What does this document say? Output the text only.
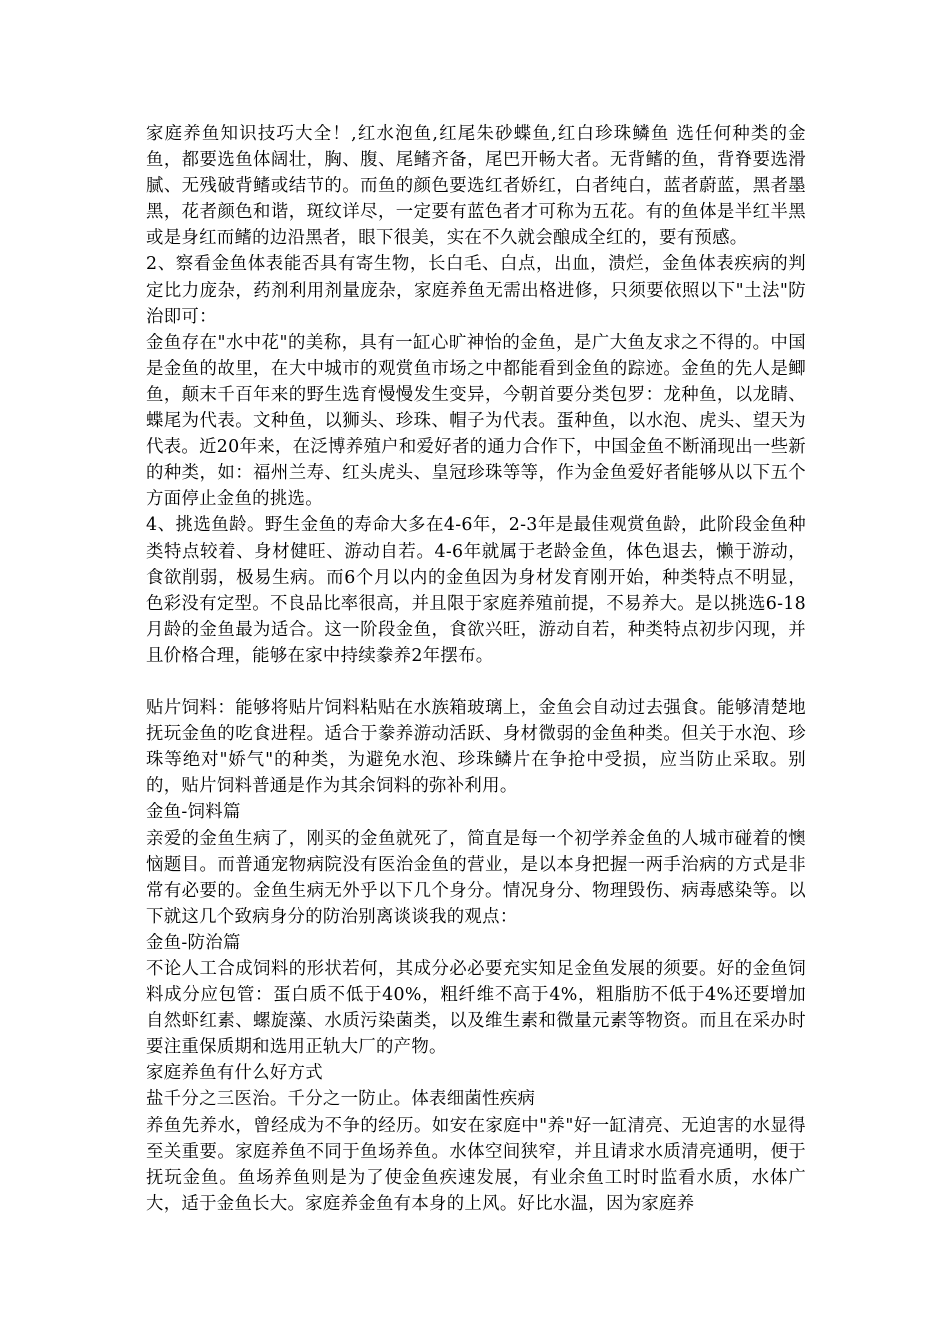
家庭养鱼知识技巧大全！,红水泡鱼,红尾朱砂蝶鱼,红白珍珠鳞鱼 选任何种类的金鱼，都要选鱼体阔壮，胸、腹、尾鳍齐备，尾巴开畅大者。无背鳍的鱼，背脊要选滑腻、无残破背鳍或结节的。而鱼的颜色要选红者娇红，白者纯白，蓝者蔚蓝，黑者墨黑，花者颜色和谐，斑纹详尽，一定要有蓝色者才可称为五花。有的鱼体是半红半黑或是身红而鳍的边沿黑者，眼下很美，实在不久就会酿成全红的，要有预感。

2、察看金鱼体表能否具有寄生物，长白毛、白点，出血，溃烂，金鱼体表疾病的判定比力庞杂，药剂利用剂量庞杂，家庭养鱼无需出格进修，只须要依照以下"土法"防治即可：

金鱼存在"水中花"的美称，具有一缸心旷神怡的金鱼，是广大鱼友求之不得的。中国是金鱼的故里，在大中城市的观赏鱼市场之中都能看到金鱼的踪迹。金鱼的先人是鲫鱼，颠末千百年来的野生选育慢慢发生变异，今朝首要分类包罗：龙种鱼，以龙睛、蝶尾为代表。文种鱼，以狮头、珍珠、帽子为代表。蛋种鱼，以水泡、虎头、望天为代表。近20年来，在泛博养殖户和爱好者的通力合作下，中国金鱼不断涌现出一些新的种类，如：福州兰寿、红头虎头、皇冠珍珠等等，作为金鱼爱好者能够从以下五个方面停止金鱼的挑选。

4、挑选鱼龄。野生金鱼的寿命大多在4-6年，2-3年是最佳观赏鱼龄，此阶段金鱼种类特点较着、身材健旺、游动自若。4-6年就属于老龄金鱼，体色退去，懒于游动，食欲削弱，极易生病。而6个月以内的金鱼因为身材发育刚开始，种类特点不明显，色彩没有定型。不良品比率很高，并且限于家庭养殖前提，不易养大。是以挑选6-18月龄的金鱼最为适合。这一阶段金鱼，食欲兴旺，游动自若，种类特点初步闪现，并且价格合理，能够在家中持续豢养2年摆布。

贴片饲料：能够将贴片饲料粘贴在水族箱玻璃上，金鱼会自动过去强食。能够清楚地抚玩金鱼的吃食进程。适合于豢养游动活跃、身材微弱的金鱼种类。但关于水泡、珍珠等绝对"娇气"的种类，为避免水泡、珍珠鳞片在争抢中受损，应当防止采取。别的，贴片饲料普通是作为其余饲料的弥补利用。

金鱼-饲料篇

亲爱的金鱼生病了，刚买的金鱼就死了，简直是每一个初学养金鱼的人城市碰着的懊恼题目。而普通宠物病院没有医治金鱼的营业，是以本身把握一两手治病的方式是非常有必要的。金鱼生病无外乎以下几个身分。情况身分、物理毁伤、病毒感染等。以下就这几个致病身分的防治别离谈谈我的观点：

金鱼-防治篇

不论人工合成饲料的形状若何，其成分必必要充实知足金鱼发展的须要。好的金鱼饲料成分应包管：蛋白质不低于40%，粗纤维不高于4%，粗脂肪不低于4%还要增加自然虾红素、螺旋藻、水质污染菌类，以及维生素和微量元素等物资。而且在采办时要注重保质期和选用正轨大厂的产物。

家庭养鱼有什么好方式

盐千分之三医治。千分之一防止。体表细菌性疾病

养鱼先养水，曾经成为不争的经历。如安在家庭中"养"好一缸清亮、无迫害的水显得至关重要。家庭养鱼不同于鱼场养鱼。水体空间狭窄，并且请求水质清亮通明，便于抚玩金鱼。鱼场养鱼则是为了使金鱼疾速发展，有业余鱼工时时监看水质，水体广大，适于金鱼长大。家庭养金鱼有本身的上风。好比水温，因为家庭养
